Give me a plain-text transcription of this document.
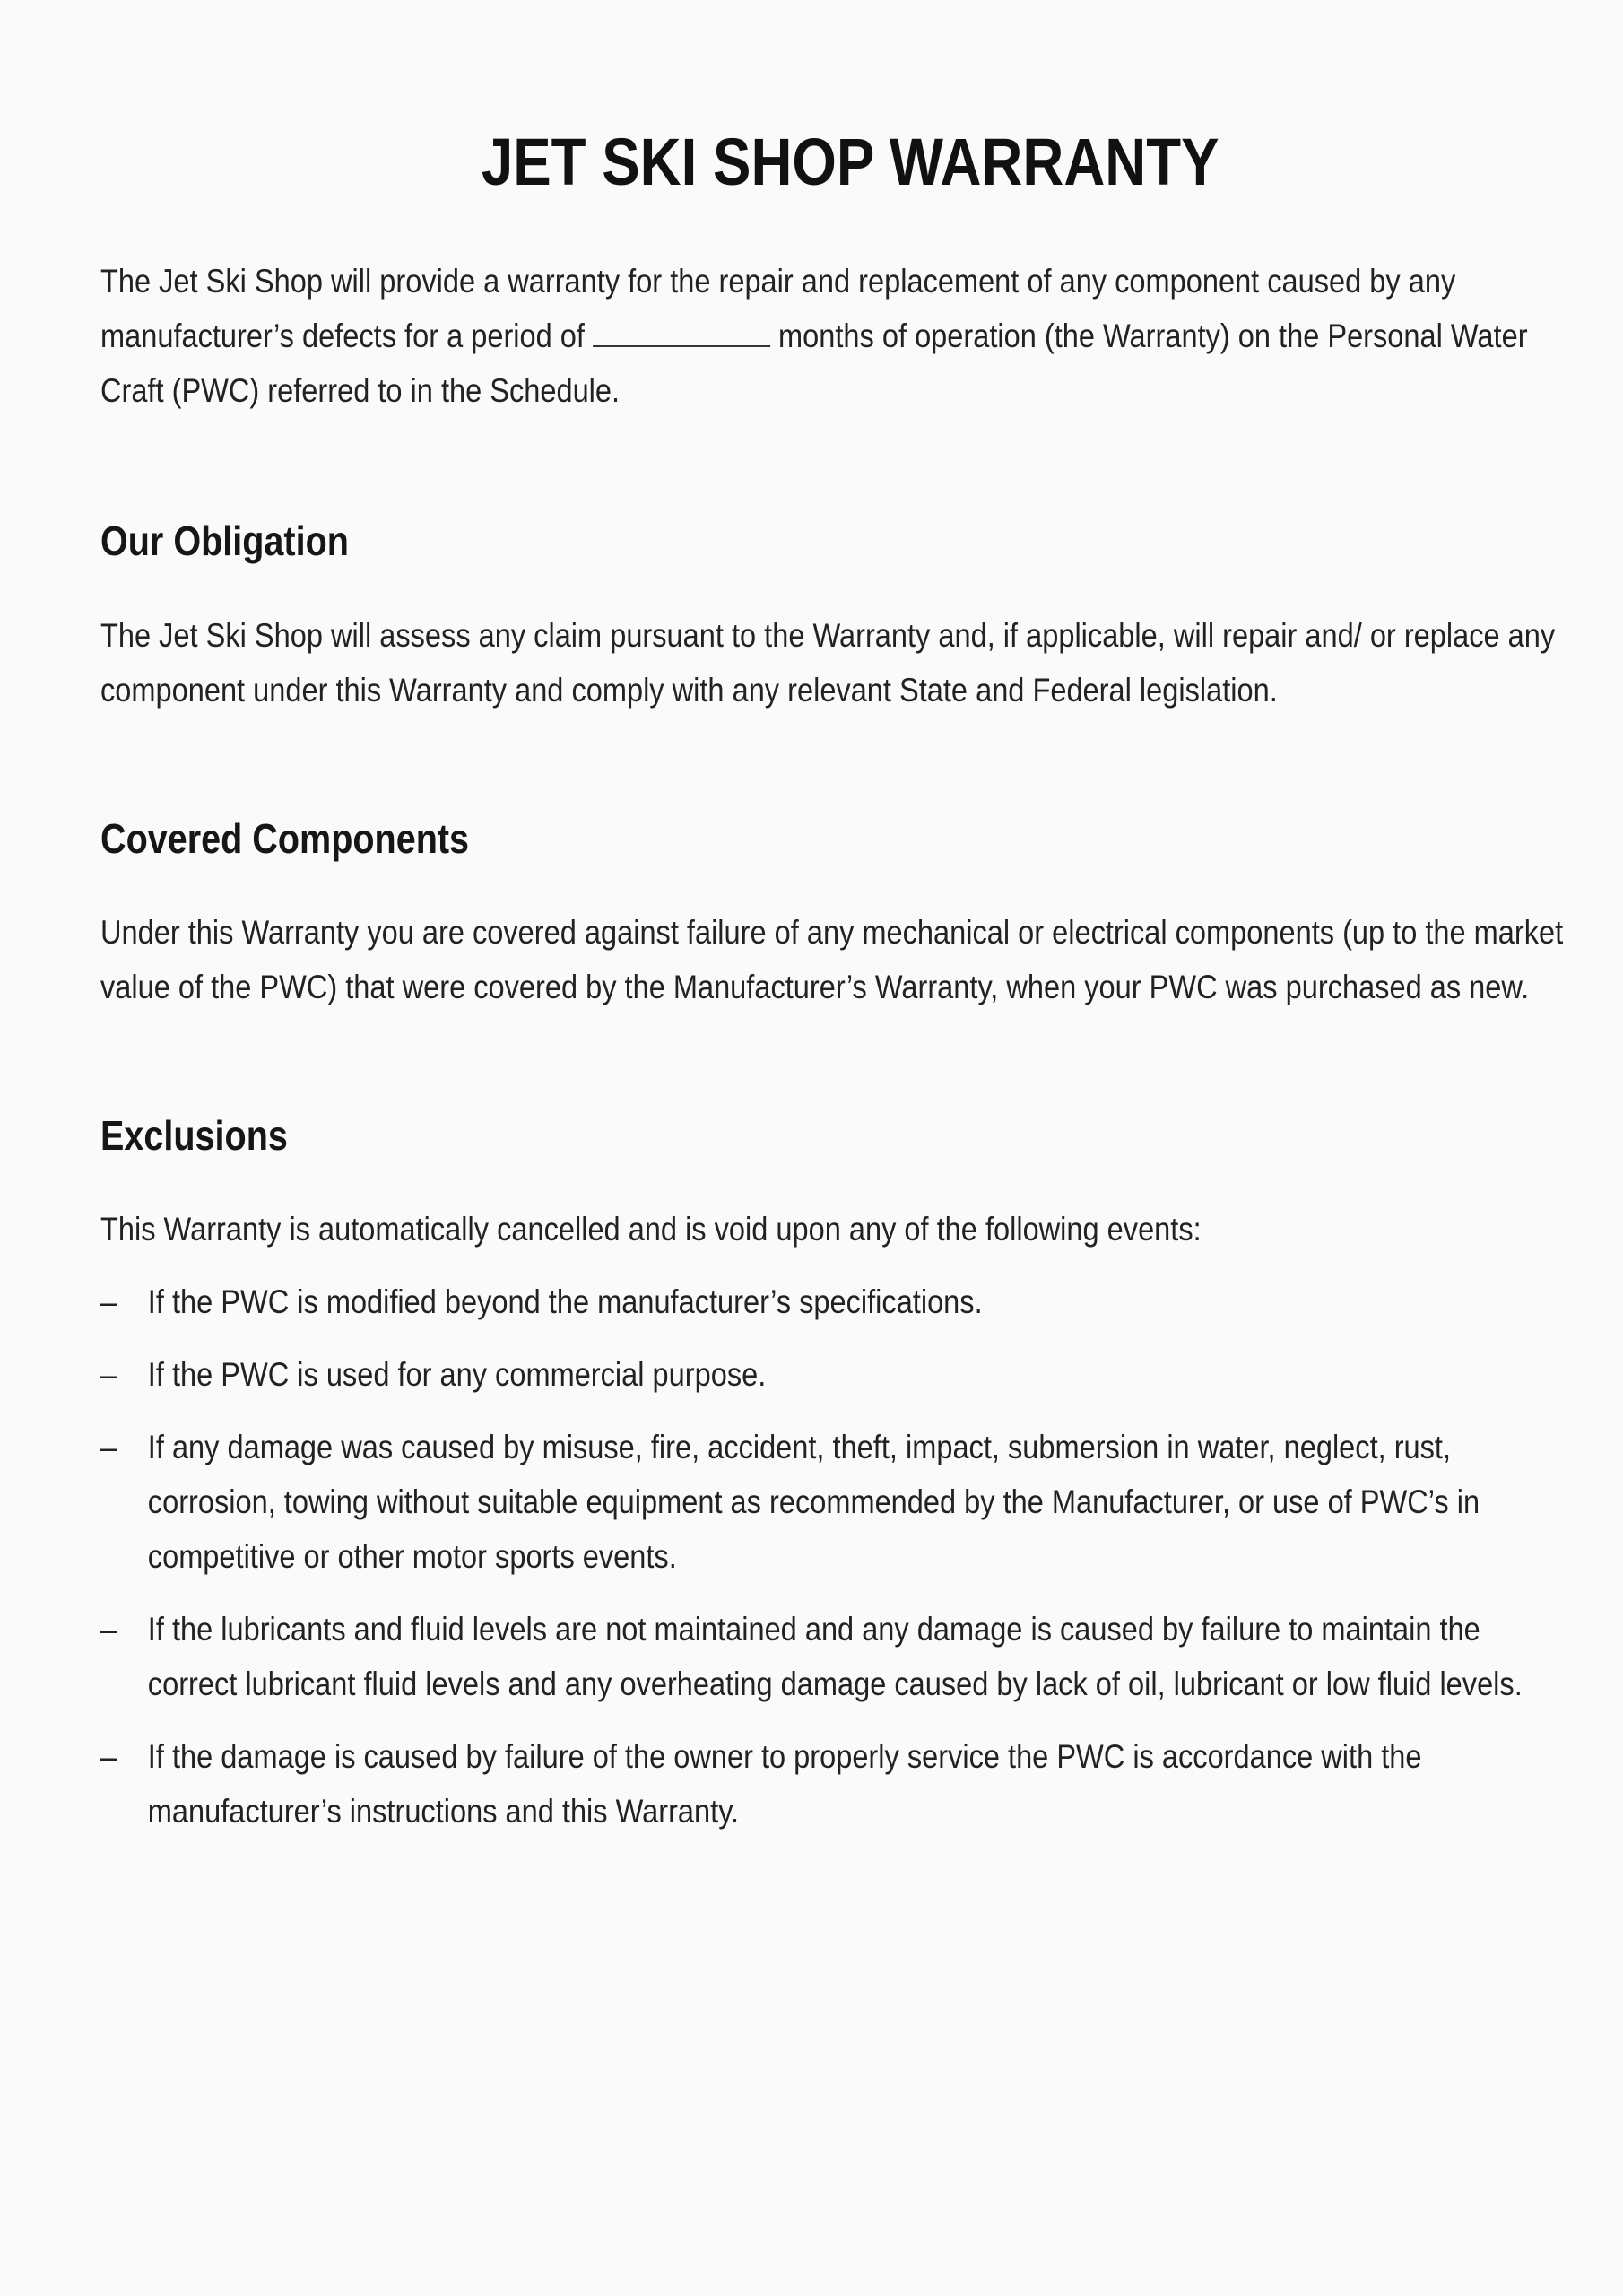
JET SKI SHOP WARRANTY

The Jet Ski Shop will provide a warranty for the repair and replacement of any component caused by any manufacturer’s defects for a period of	months of operation (the Warranty) on the Personal Water Craft (PWC) referred to in the Schedule.

Our Obligation

The Jet Ski Shop will assess any claim pursuant to the Warranty and, if applicable, will repair and/ or replace any component under this Warranty and comply with any relevant State and Federal legislation.

Covered Components

Under this Warranty you are covered against failure of any mechanical or electrical components (up to the market value of the PWC) that were covered by the Manufacturer’s Warranty, when your PWC was purchased as new.

Exclusions

This Warranty is automatically cancelled and is void upon any of the following events:

– If the PWC is modified beyond the manufacturer’s specifications.
– If the PWC is used for any commercial purpose.
– If any damage was caused by misuse, fire, accident, theft, impact, submersion in water, neglect, rust, corrosion, towing without suitable equipment as recommended by the Manufacturer, or use of PWC’s in competitive or other motor sports events.
– If the lubricants and fluid levels are not maintained and any damage is caused by failure to maintain the correct lubricant fluid levels and any overheating damage caused by lack of oil, lubricant or low fluid levels.
– If the damage is caused by failure of the owner to properly service the PWC is accordance with the manufacturer’s instructions and this Warranty.
